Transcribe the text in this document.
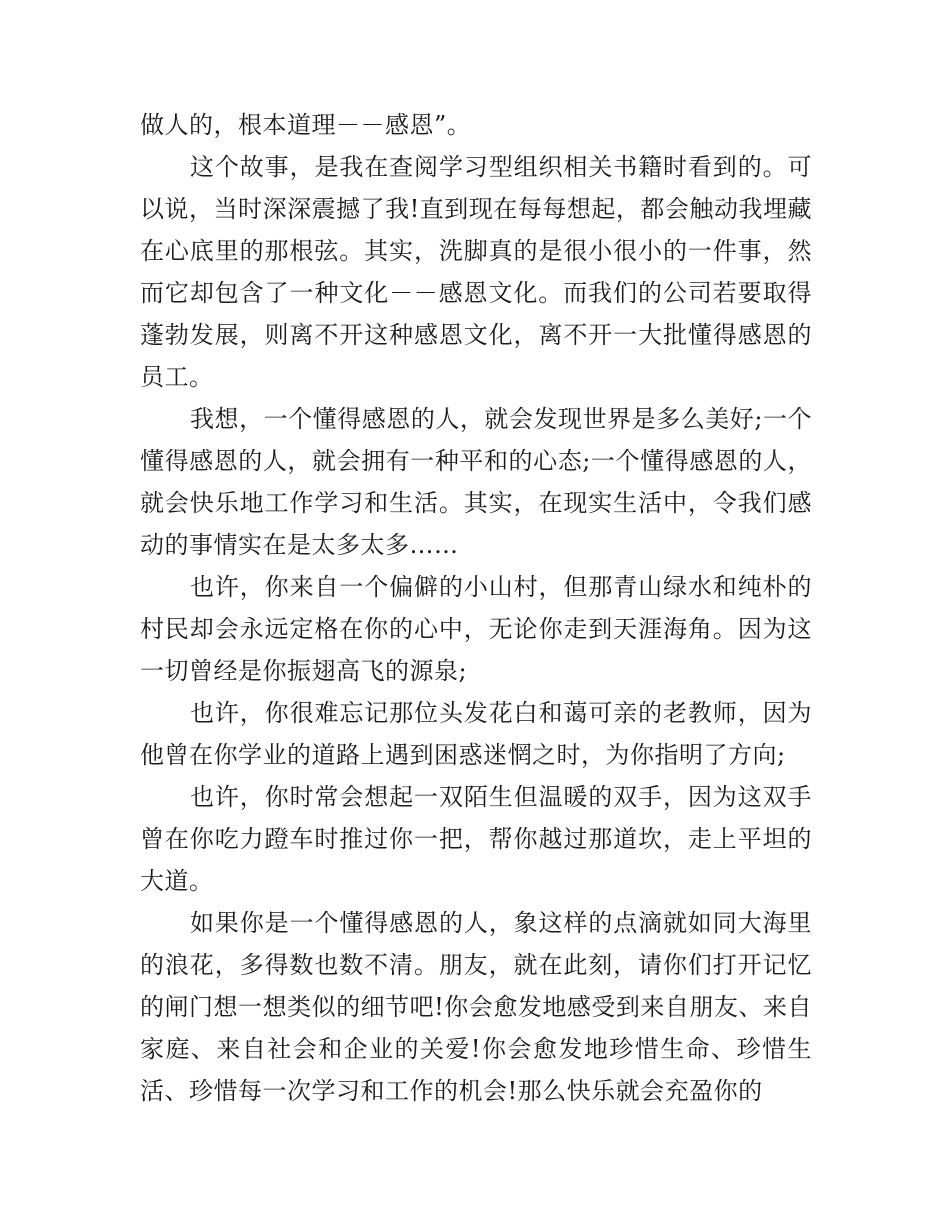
做人的，根本道理－－感恩”。

这个故事，是我在查阅学习型组织相关书籍时看到的。可以说，当时深深震撼了我!直到现在每每想起，都会触动我埋藏在心底里的那根弦。其实，洗脚真的是很小很小的一件事，然而它却包含了一种文化－－感恩文化。而我们的公司若要取得蓬勃发展，则离不开这种感恩文化，离不开一大批懂得感恩的员工。

我想，一个懂得感恩的人，就会发现世界是多么美好;一个懂得感恩的人，就会拥有一种平和的心态;一个懂得感恩的人，就会快乐地工作学习和生活。其实，在现实生活中，令我们感动的事情实在是太多太多……

也许，你来自一个偏僻的小山村，但那青山绿水和纯朴的村民却会永远定格在你的心中，无论你走到天涯海角。因为这一切曾经是你振翅高飞的源泉;

也许，你很难忘记那位头发花白和蔼可亲的老教师，因为他曾在你学业的道路上遇到困惑迷惘之时，为你指明了方向;

也许，你时常会想起一双陌生但温暖的双手，因为这双手曾在你吃力蹬车时推过你一把，帮你越过那道坎，走上平坦的大道。

如果你是一个懂得感恩的人，象这样的点滴就如同大海里的浪花，多得数也数不清。朋友，就在此刻，请你们打开记忆的闸门想一想类似的细节吧!你会愈发地感受到来自朋友、来自家庭、来自社会和企业的关爱!你会愈发地珍惜生命、珍惜生活、珍惜每一次学习和工作的机会!那么快乐就会充盈你的
